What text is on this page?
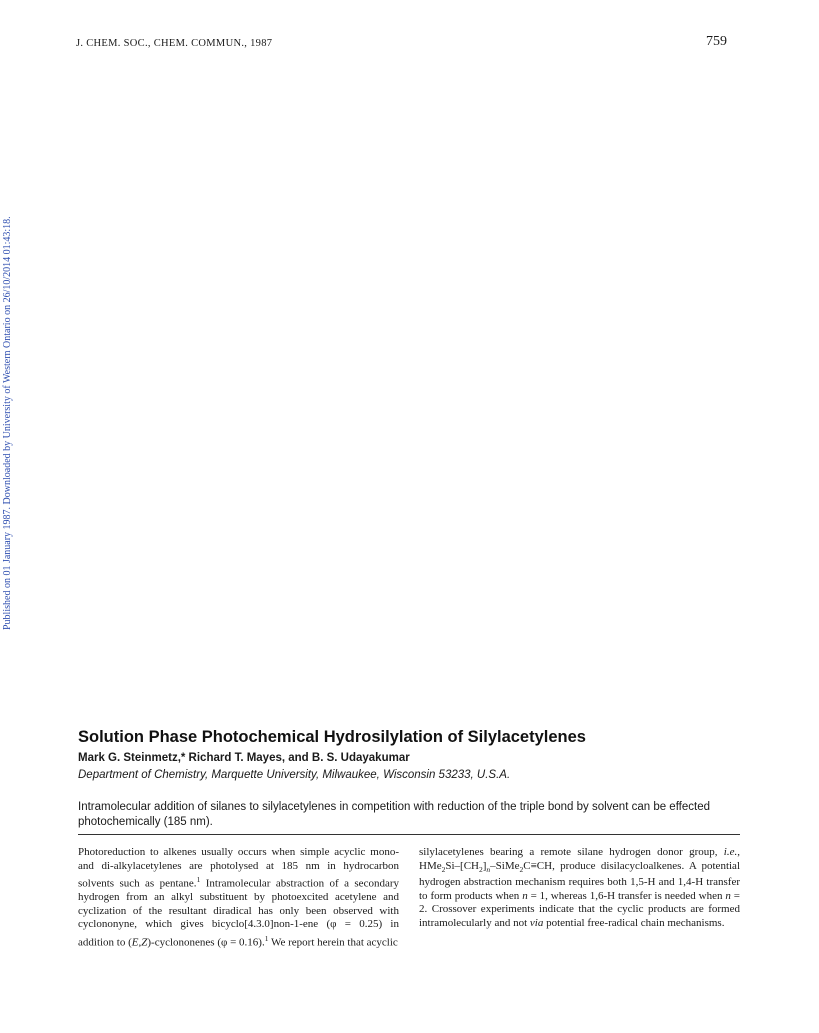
J. CHEM. SOC., CHEM. COMMUN., 1987	759
Published on 01 January 1987. Downloaded by University of Western Ontario on 26/10/2014 01:43:18.
Solution Phase Photochemical Hydrosilylation of Silylacetylenes
Mark G. Steinmetz,* Richard T. Mayes, and B. S. Udayakumar
Department of Chemistry, Marquette University, Milwaukee, Wisconsin 53233, U.S.A.
Intramolecular addition of silanes to silylacetylenes in competition with reduction of the triple bond by solvent can be effected photochemically (185 nm).
Photoreduction to alkenes usually occurs when simple acyclic mono- and di-alkylacetylenes are photolysed at 185 nm in hydrocarbon solvents such as pentane.$^1$ Intramolecular abstraction of a secondary hydrogen from an alkyl substituent by photoexcited acetylene and cyclization of the resultant diradical has only been observed with cyclononyne, which gives bicyclo[4.3.0]non-1-ene (φ = 0.25) in addition to (E,Z)-cyclononenes (φ = 0.16).$^1$ We report herein that acyclic
silylacetylenes bearing a remote silane hydrogen donor group, i.e., $HMe_2Si-[CH_2]_n-SiMe_2C\equiv CH$, produce disilacycloalkenes. A potential hydrogen abstraction mechanism requires both 1,5-H and 1,4-H transfer to form products when n = 1, whereas 1,6-H transfer is needed when n = 2. Crossover experiments indicate that the cyclic products are formed intramolecularly and not via potential free-radical chain mechanisms.
